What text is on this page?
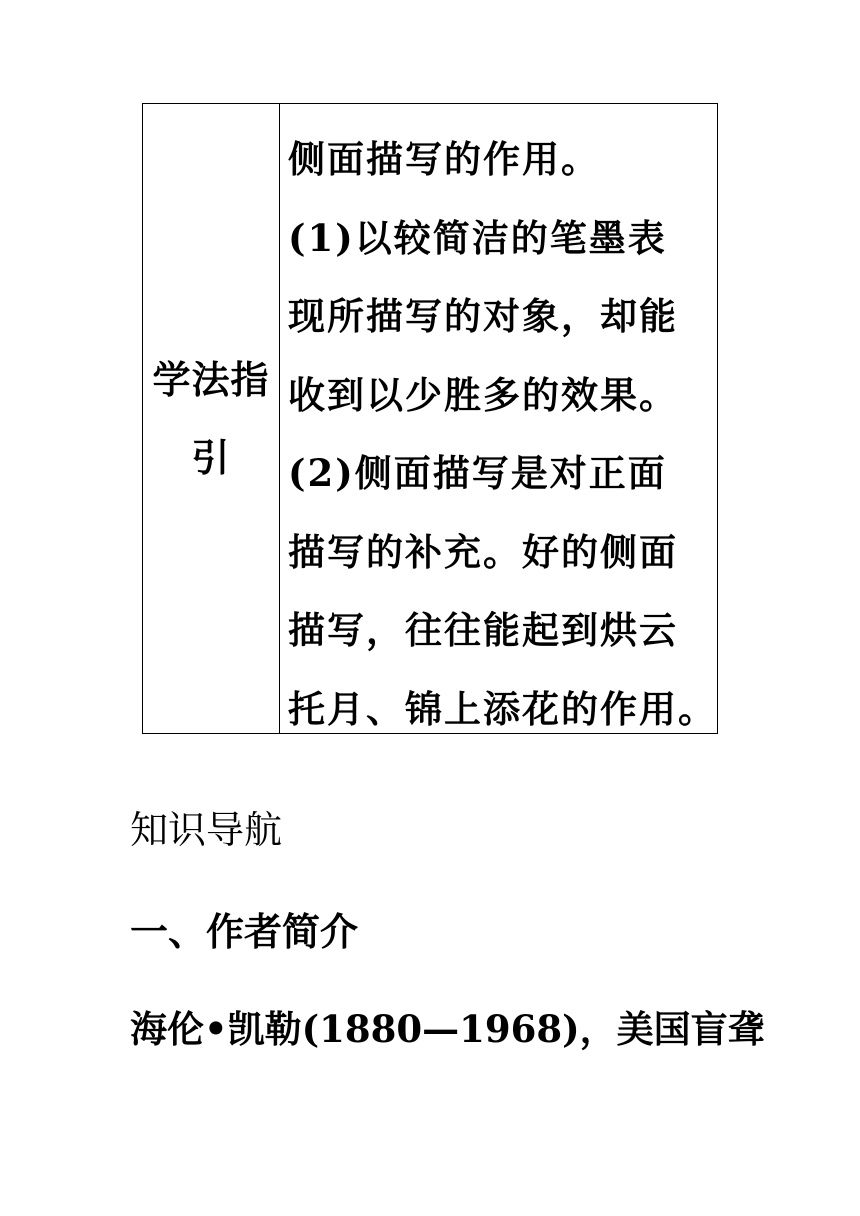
学法指引
侧面描写的作用。
(1)以较简洁的笔墨表
现所描写的对象，却能
收到以少胜多的效果。
(2)侧面描写是对正面
描写的补充。好的侧面
描写，往往能起到烘云
托月、锦上添花的作用。
知识导航
一、作者简介
海伦•凯勒(1880—1968)，美国盲聋
